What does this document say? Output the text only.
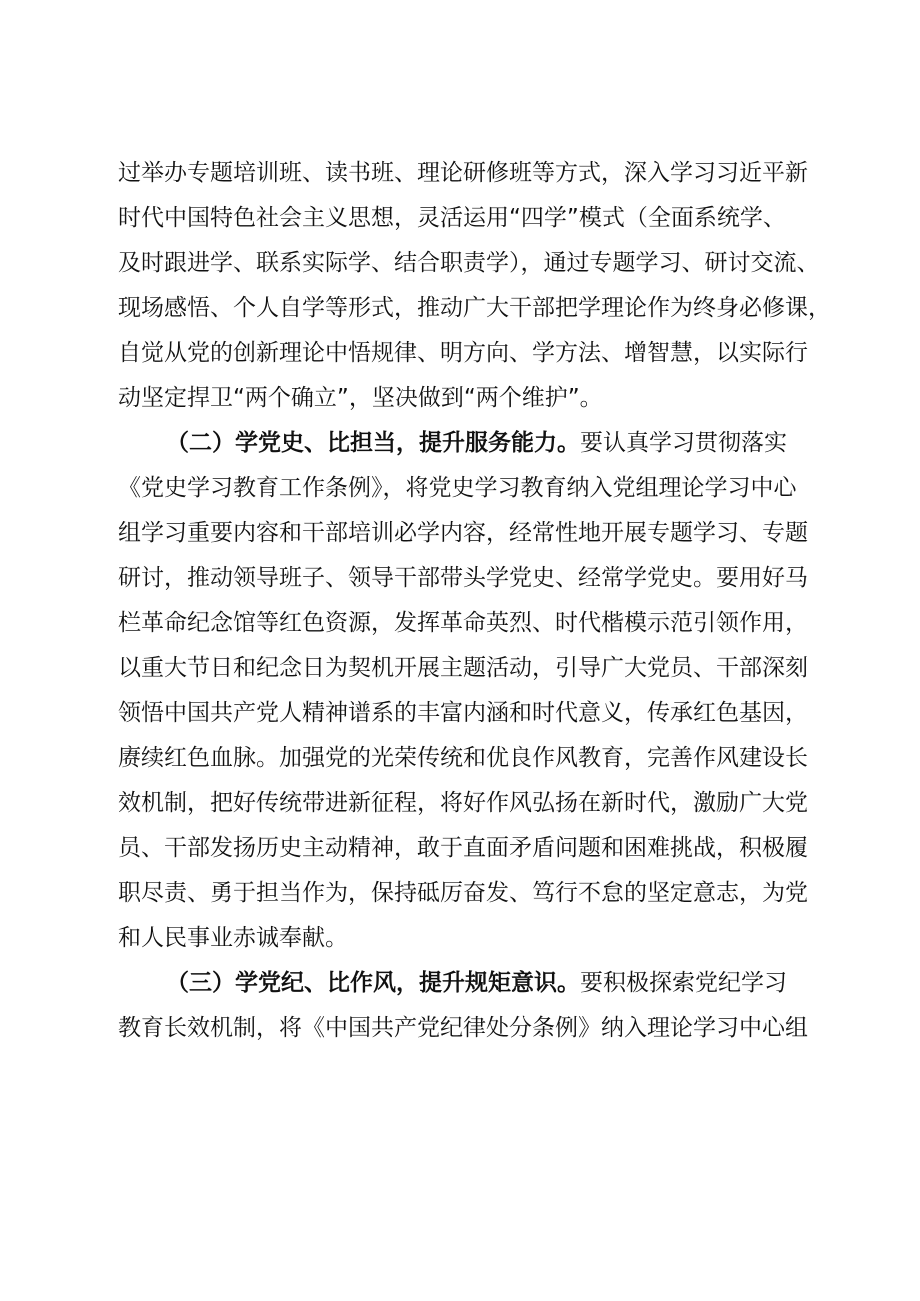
过举办专题培训班、读书班、理论研修班等方式，深入学习习近平新
时代中国特色社会主义思想，灵活运用“四学”模式（全面系统学、
及时跟进学、联系实际学、结合职责学），通过专题学习、研讨交流、
现场感悟、个人自学等形式，推动广大干部把学理论作为终身必修课，
自觉从党的创新理论中悟规律、明方向、学方法、增智慧，以实际行
动坚定捍卫“两个确立”，坚决做到“两个维护”。
（二）学党史、比担当，提升服务能力。要认真学习贯彻落实
《党史学习教育工作条例》，将党史学习教育纳入党组理论学习中心
组学习重要内容和干部培训必学内容，经常性地开展专题学习、专题
研讨，推动领导班子、领导干部带头学党史、经常学党史。要用好马
栏革命纪念馆等红色资源，发挥革命英烈、时代楷模示范引领作用，
以重大节日和纪念日为契机开展主题活动，引导广大党员、干部深刻
领悟中国共产党人精神谱系的丰富内涵和时代意义，传承红色基因，
赓续红色血脉。加强党的光荣传统和优良作风教育，完善作风建设长
效机制，把好传统带进新征程，将好作风弘扬在新时代，激励广大党
员、干部发扬历史主动精神，敢于直面矛盾问题和困难挑战，积极履
职尽责、勇于担当作为，保持砥厉奋发、笃行不怠的坚定意志，为党
和人民事业赤诚奉献。
（三）学党纪、比作风，提升规矩意识。要积极探索党纪学习
教育长效机制，将《中国共产党纪律处分条例》纳入理论学习中心组
